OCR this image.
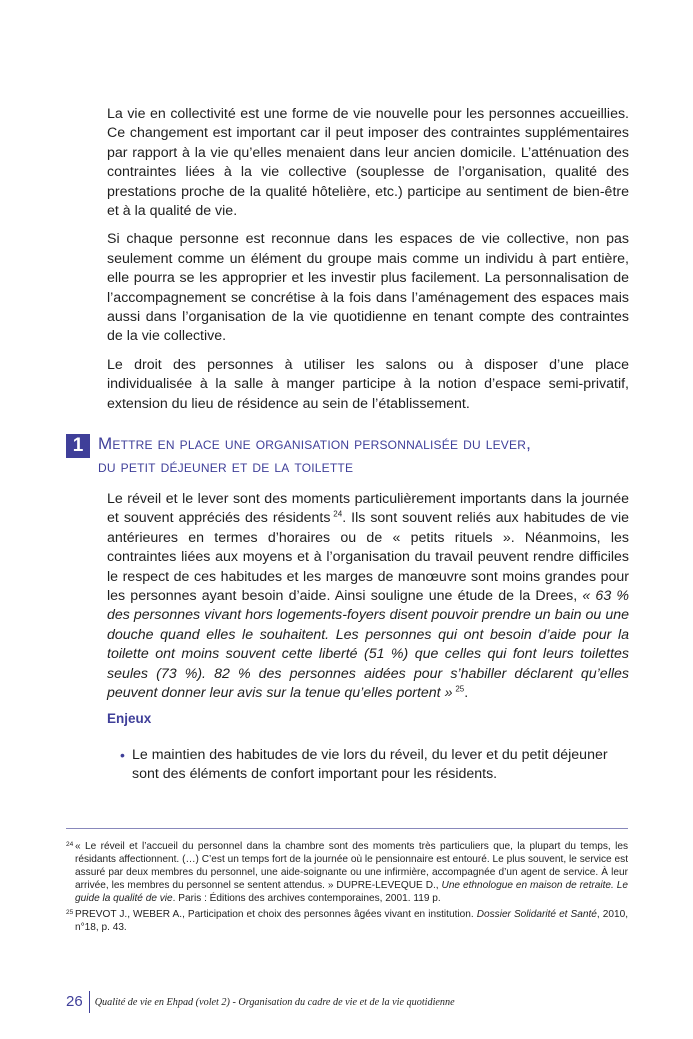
La vie en collectivité est une forme de vie nouvelle pour les personnes accueillies. Ce changement est important car il peut imposer des contraintes supplémentaires par rapport à la vie qu’elles menaient dans leur ancien domicile. L’atténuation des contraintes liées à la vie collective (souplesse de l’organisation, qualité des prestations proche de la qualité hôtelière, etc.) participe au sentiment de bien-être et à la qualité de vie.

Si chaque personne est reconnue dans les espaces de vie collective, non pas seulement comme un élément du groupe mais comme un individu à part entière, elle pourra se les approprier et les investir plus facilement. La personnalisation de l’accompagnement se concrétise à la fois dans l’aménagement des espaces mais aussi dans l’organisation de la vie quotidienne en tenant compte des contraintes de la vie collective.

Le droit des personnes à utiliser les salons ou à disposer d’une place individualisée à la salle à manger participe à la notion d’espace semi-privatif, extension du lieu de résidence au sein de l’établissement.

1 Mettre en place une organisation personnalisée du lever,
du petit déjeuner et de la toilette

Le réveil et le lever sont des moments particulièrement importants dans la journée et souvent appréciés des résidents  $^{24}$. Ils sont souvent reliés aux habitudes de vie antérieures en termes d’horaires ou de « petits rituels ». Néanmoins, les contraintes liées aux moyens et à l’organisation du travail peuvent rendre difficiles le respect de ces habitudes et les marges de manœuvre sont moins grandes pour les personnes ayant besoin d’aide. Ainsi souligne une étude de la Drees, « 63 % des personnes vivant hors logements-foyers disent pouvoir prendre un bain ou une douche quand elles le souhaitent. Les personnes qui ont besoin d’aide pour la toilette ont moins souvent cette liberté (51 %) que celles qui font leurs toilettes seules (73 %). 82 % des personnes aidées pour s’habiller déclarent qu’elles peuvent donner leur avis sur la tenue qu’elles portent »  $^{25}$.

Enjeux
• Le maintien des habitudes de vie lors du réveil, du lever et du petit déjeuner sont des éléments de confort important pour les résidents.
24 « Le réveil et l’accueil du personnel dans la chambre sont des moments très particuliers que, la plupart du temps, les résidants affectionnent. (…) C’est un temps fort de la journée où le pensionnaire est entouré. Le plus souvent, le service est assuré par deux membres du personnel, une aide-soignante ou une infirmière, accompagnée d’un agent de service. À leur arrivée, les membres du personnel se sentent attendus. » DUPRE-LEVEQUE D., Une ethnologue en maison de retraite. Le guide la qualité de vie. Paris : Éditions des archives contemporaines, 2001. 119 p.
25 PREVOT J., WEBER A., Participation et choix des personnes âgées vivant en institution. Dossier Solidarité et Santé, 2010, n°18, p. 43.
26	Qualité de vie en Ehpad (volet 2) - Organisation du cadre de vie et de la vie quotidienne
